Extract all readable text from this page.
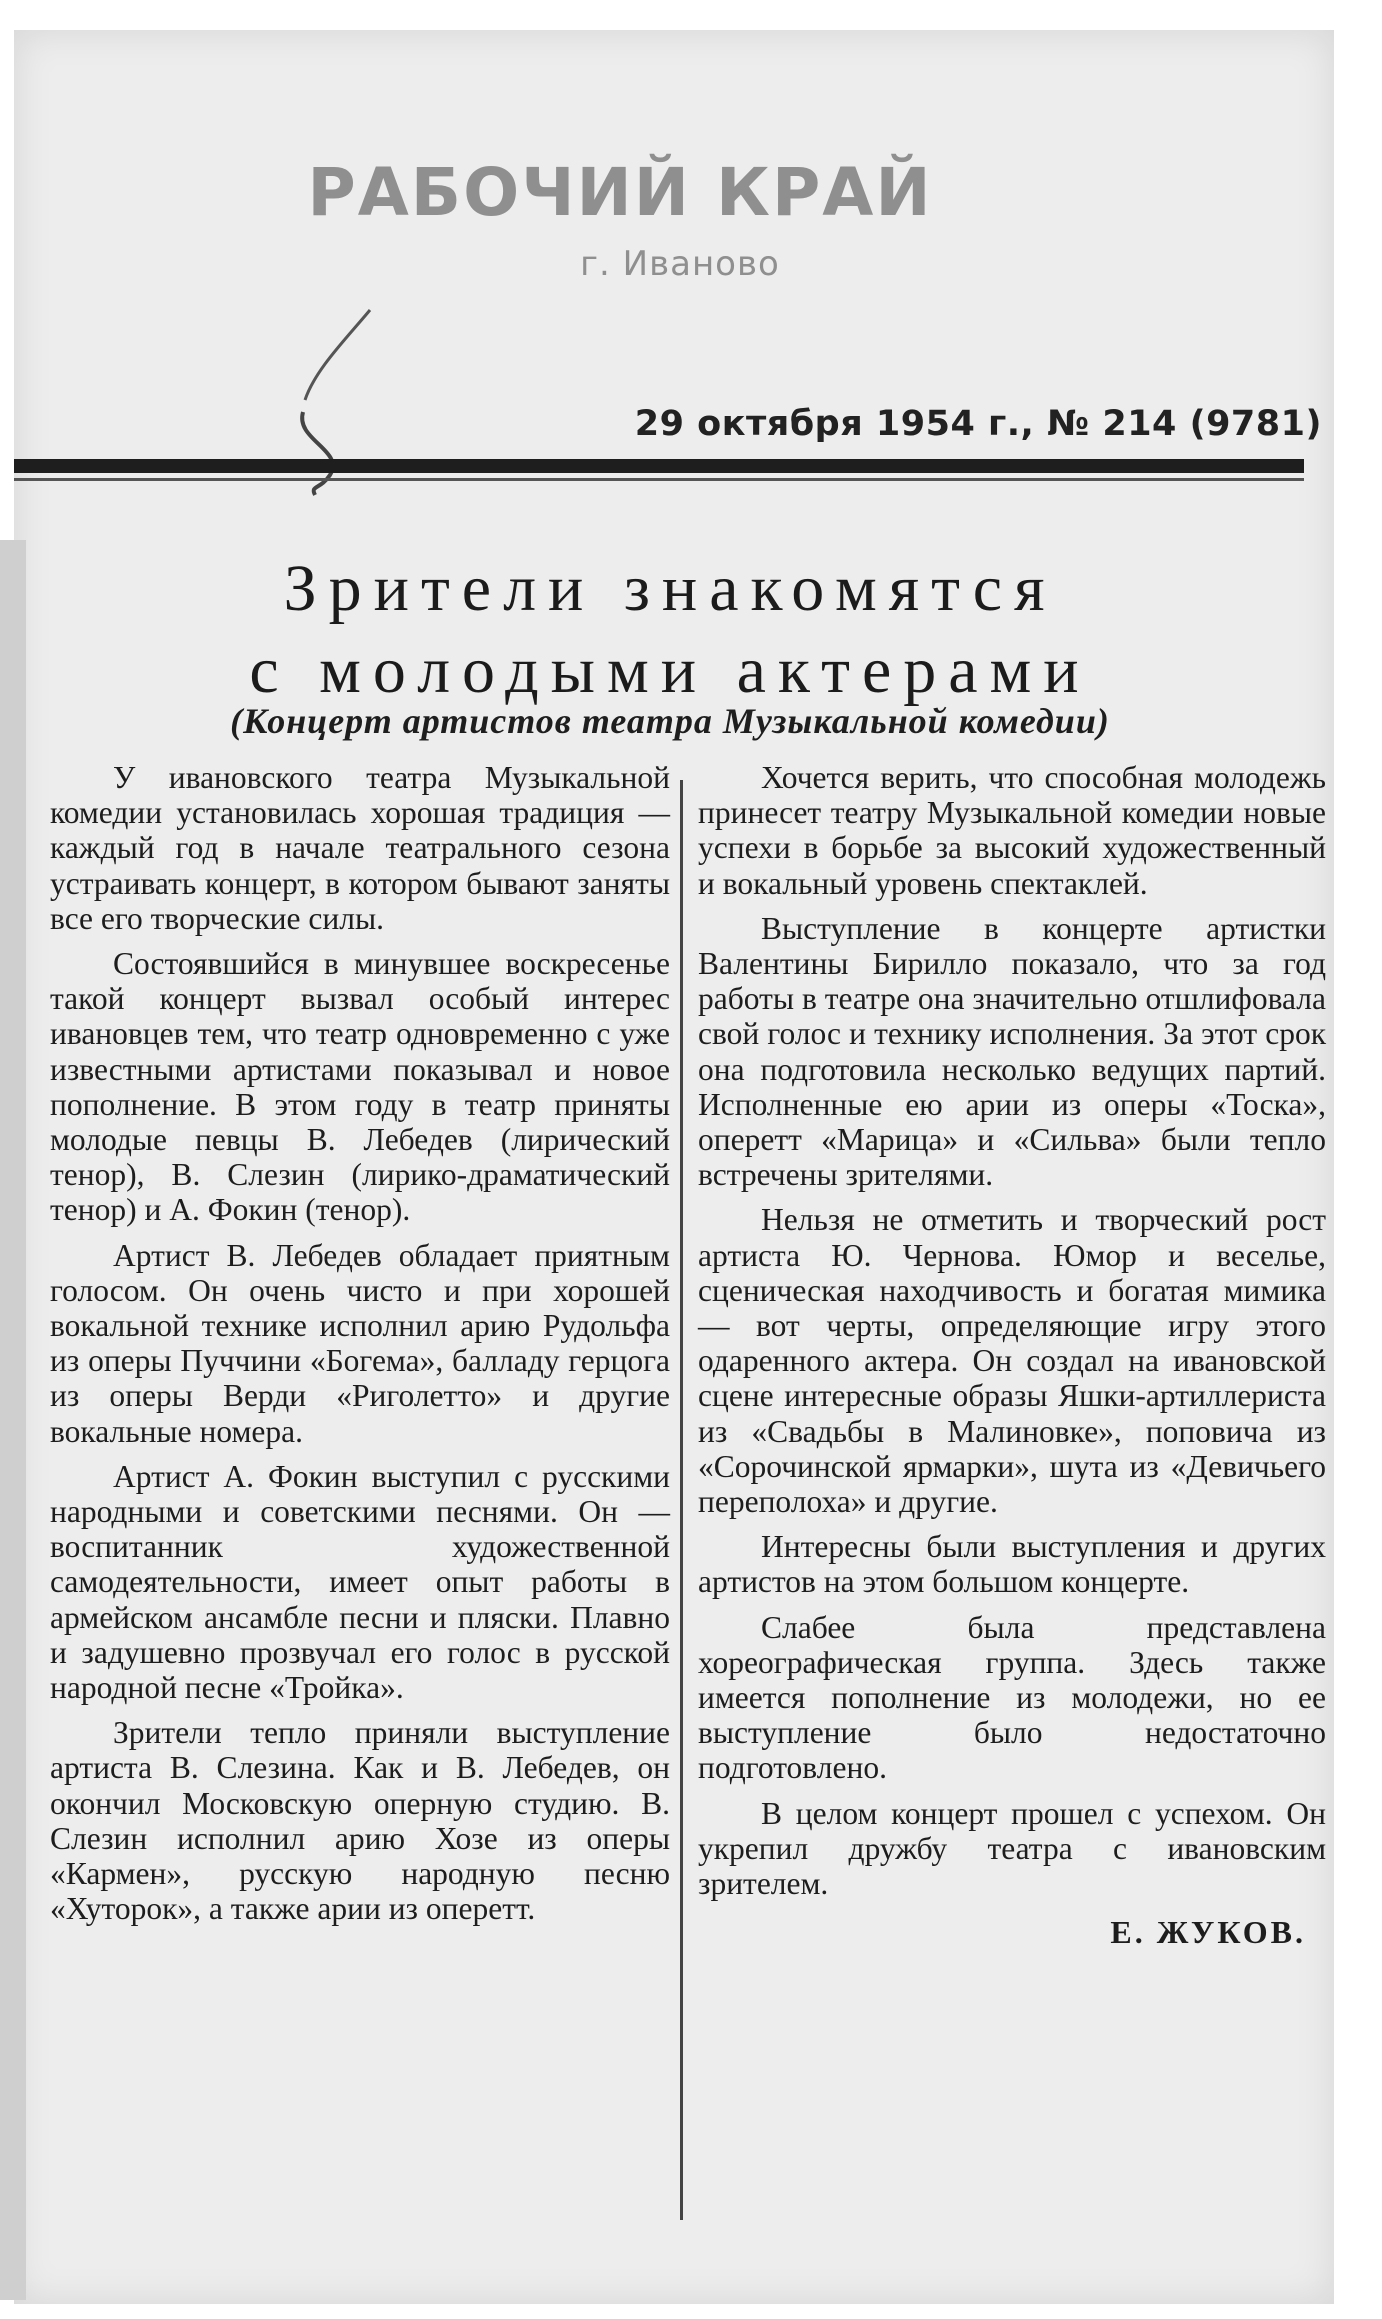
РАБОЧИЙ КРАЙ
г. Иваново
29 октября 1954 г., № 214 (9781)
Зрители знакомятся
с молодыми актерами
(Концерт артистов театра Музыкальной комедии)

У ивановского театра Музыкальной комедии установилась хорошая традиция — каждый год в начале театрального сезона устраивать концерт, в котором бывают заняты все его творческие силы.

Состоявшийся в минувшее воскресенье такой концерт вызвал особый интерес ивановцев тем, что театр одновременно с уже известными артистами показывал и новое пополнение. В этом году в театр приняты молодые певцы В. Лебедев (лирический тенор), В. Слезин (лирико-драматический тенор) и А. Фокин (тенор).

Артист В. Лебедев обладает приятным голосом. Он очень чисто и при хорошей вокальной технике исполнил арию Рудольфа из оперы Пуччини «Богема», балладу герцога из оперы Верди «Риголетто» и другие вокальные номера.

Артист А. Фокин выступил с русскими народными и советскими песнями. Он — воспитанник художественной самодеятельности, имеет опыт работы в армейском ансамбле песни и пляски. Плавно и задушевно прозвучал его голос в русской народной песне «Тройка».

Зрители тепло приняли выступление артиста В. Слезина. Как и В. Лебедев, он окончил Московскую оперную студию. В. Слезин исполнил арию Хозе из оперы «Кармен», русскую народную песню «Хуторок», а также арии из оперетт.

Хочется верить, что способная молодежь принесет театру Музыкальной комедии новые успехи в борьбе за высокий художественный и вокальный уровень спектаклей.

Выступление в концерте артистки Валентины Бирилло показало, что за год работы в театре она значительно отшлифовала свой голос и технику исполнения. За этот срок она подготовила несколько ведущих партий. Исполненные ею арии из оперы «Тоска», оперетт «Марица» и «Сильва» были тепло встречены зрителями.

Нельзя не отметить и творческий рост артиста Ю. Чернова. Юмор и веселье, сценическая находчивость и богатая мимика — вот черты, определяющие игру этого одаренного актера. Он создал на ивановской сцене интересные образы Яшки-артиллериста из «Свадьбы в Малиновке», поповича из «Сорочинской ярмарки», шута из «Девичьего переполоха» и другие.

Интересны были выступления и других артистов на этом большом концерте.

Слабее была представлена хореографическая группа. Здесь также имеется пополнение из молодежи, но ее выступление было недостаточно подготовлено.

В целом концерт прошел с успехом. Он укрепил дружбу театра с ивановским зрителем.

Е. ЖУКОВ.
